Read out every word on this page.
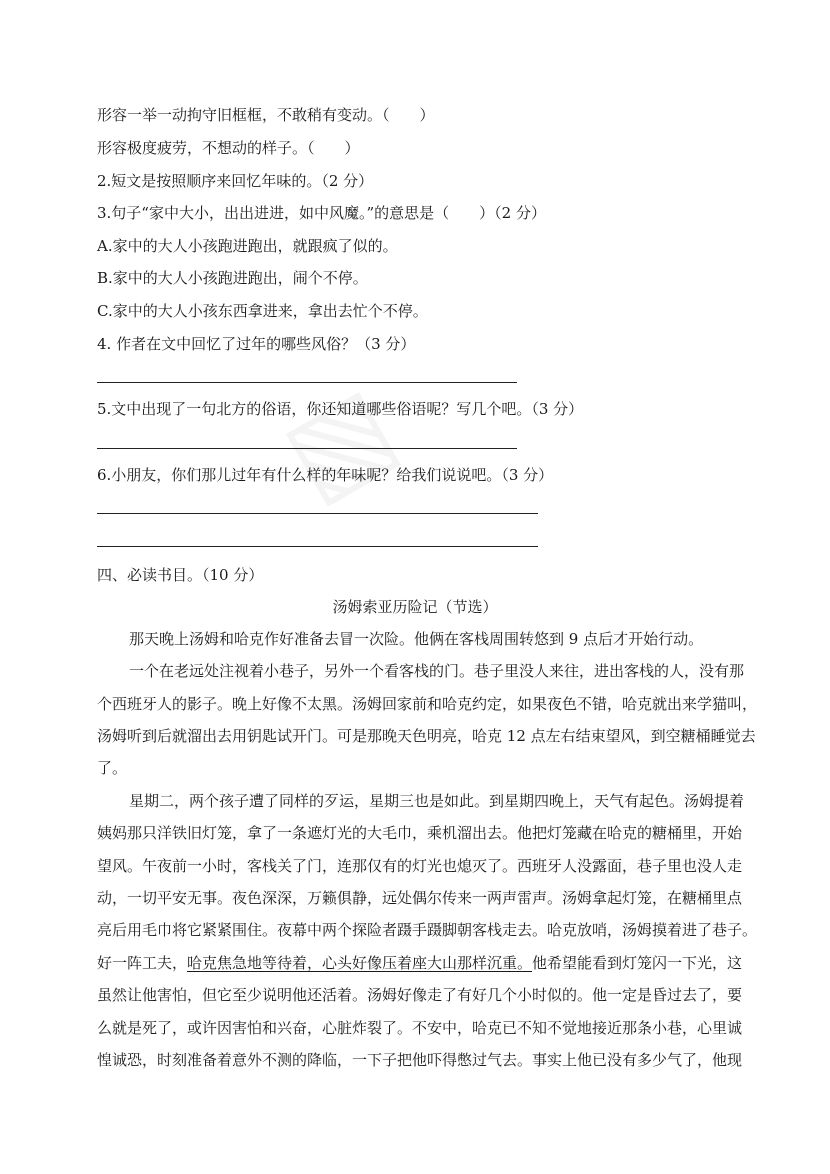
形容一举一动拘守旧框框，不敢稍有变动。（　　）
形容极度疲劳，不想动的样子。（　　）
2.短文是按照顺序来回忆年味的。（2 分）
3.句子“家中大小，出出进进，如中风魔。”的意思是（　　）（2 分）
A.家中的大人小孩跑进跑出，就跟疯了似的。
B.家中的大人小孩跑进跑出，闹个不停。
C.家中的大人小孩东西拿进来，拿出去忙个不停。
4. 作者在文中回忆了过年的哪些风俗？（3 分）
5.文中出现了一句北方的俗语，你还知道哪些俗语呢？写几个吧。（3 分）
6.小朋友，你们那儿过年有什么样的年味呢？给我们说说吧。（3 分）
四、必读书目。（10 分）
汤姆索亚历险记（节选）
那天晚上汤姆和哈克作好准备去冒一次险。他俩在客栈周围转悠到 9 点后才开始行动。
一个在老远处注视着小巷子，另外一个看客栈的门。巷子里没人来往，进出客栈的人，没有那
个西班牙人的影子。晚上好像不太黑。汤姆回家前和哈克约定，如果夜色不错，哈克就出来学猫叫，
汤姆听到后就溜出去用钥匙试开门。可是那晚天色明亮，哈克 12 点左右结束望风，到空糖桶睡觉去
了。
星期二，两个孩子遭了同样的歹运，星期三也是如此。到星期四晚上，天气有起色。汤姆提着
姨妈那只洋铁旧灯笼，拿了一条遮灯光的大毛巾，乘机溜出去。他把灯笼藏在哈克的糖桶里，开始
望风。午夜前一小时，客栈关了门，连那仅有的灯光也熄灭了。西班牙人没露面，巷子里也没人走
动，一切平安无事。夜色深深，万籁俱静，远处偶尔传来一两声雷声。汤姆拿起灯笼，在糖桶里点
亮后用毛巾将它紧紧围住。夜幕中两个探险者蹑手蹑脚朝客栈走去。哈克放哨，汤姆摸着进了巷子。
好一阵工夫， 哈克焦急地等待着，心头好像压着座大山那样沉重。 他希望能看到灯笼闪一下光，这
虽然让他害怕，但它至少说明他还活着。汤姆好像走了有好几个小时似的。他一定是昏过去了，要
么就是死了，或许因害怕和兴奋，心脏炸裂了。不安中，哈克已不知不觉地接近那条小巷，心里诚
惶诚恐，时刻准备着意外不测的降临，一下子把他吓得憋过气去。事实上他已没有多少气了，他现
